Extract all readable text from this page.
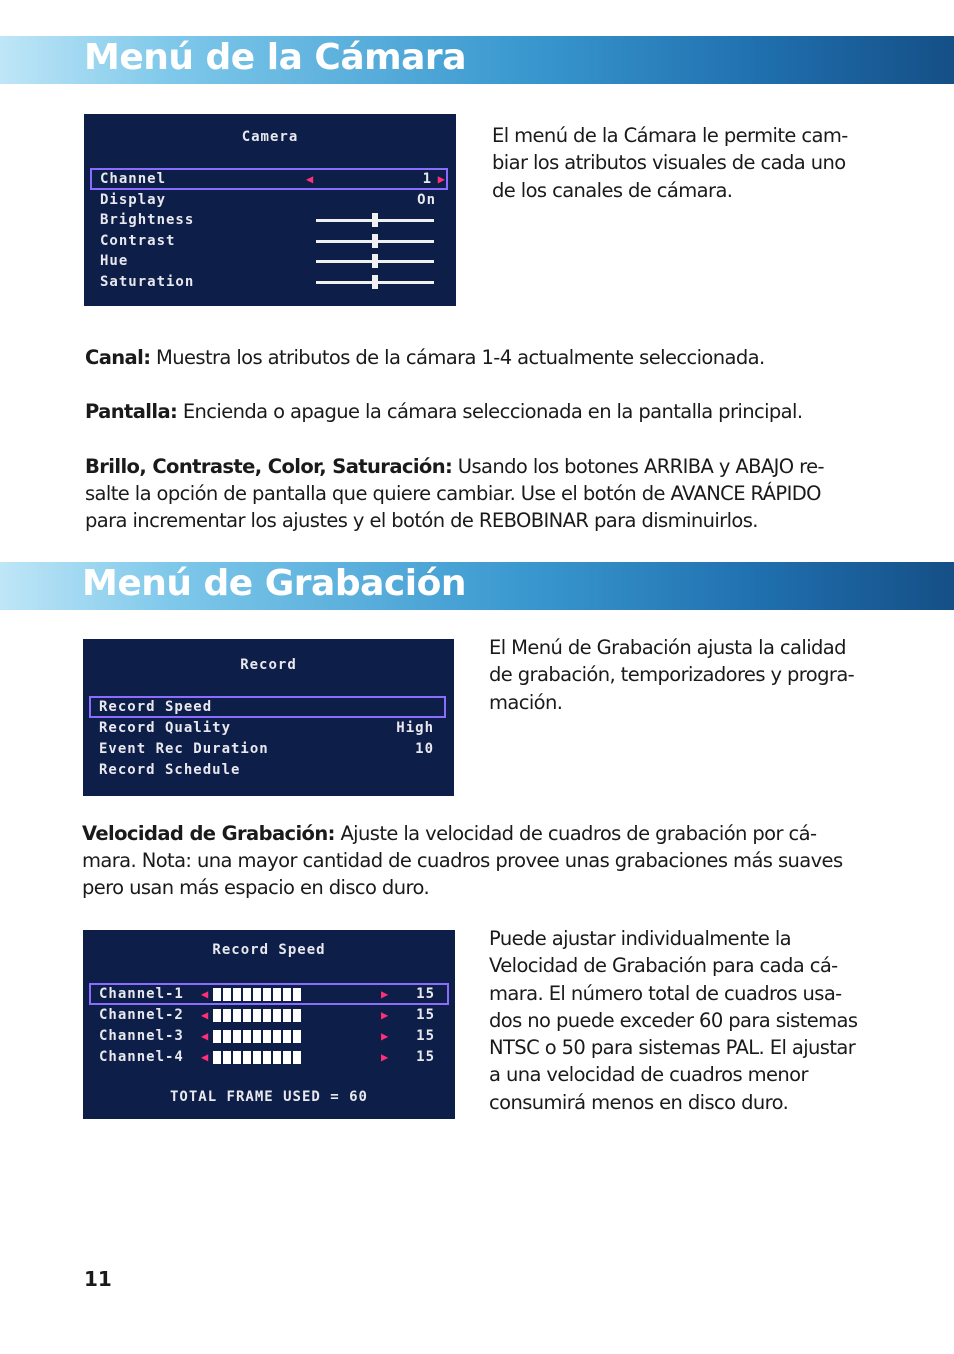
Menú de la Cámara
Camera
Channel	◀	1 ▶
Display	On
Brightness
Contrast
Hue
Saturation
El menú de la Cámara le permite cam-
biar los atributos visuales de cada uno
de los canales de cámara.
Canal: Muestra los atributos de la cámara 1-4 actualmente seleccionada.
Pantalla: Encienda o apague la cámara seleccionada en la pantalla principal.
Brillo, Contraste, Color, Saturación: Usando los botones ARRIBA y ABAJO re-
salte la opción de pantalla que quiere cambiar. Use el botón de AVANCE RÁPIDO
para incrementar los ajustes y el botón de REBOBINAR para disminuirlos.
Menú de Grabación
Record
Record Speed
Record Quality	High
Event Rec Duration	10
Record Schedule
El Menú de Grabación ajusta la calidad
de grabación, temporizadores y progra-
mación.
Velocidad de Grabación: Ajuste la velocidad de cuadros de grabación por cá-
mara. Nota: una mayor cantidad de cuadros provee unas grabaciones más suaves
pero usan más espacio en disco duro.
Record Speed
Channel-1 ◀	▶ 15
Channel-2 ◀	▶ 15
Channel-3 ◀	▶ 15
Channel-4 ◀	▶ 15
TOTAL FRAME USED = 60
Puede ajustar individualmente la
Velocidad de Grabación para cada cá-
mara. El número total de cuadros usa-
dos no puede exceder 60 para sistemas
NTSC o 50 para sistemas PAL. El ajustar
a una velocidad de cuadros menor
consumirá menos en disco duro.
11
